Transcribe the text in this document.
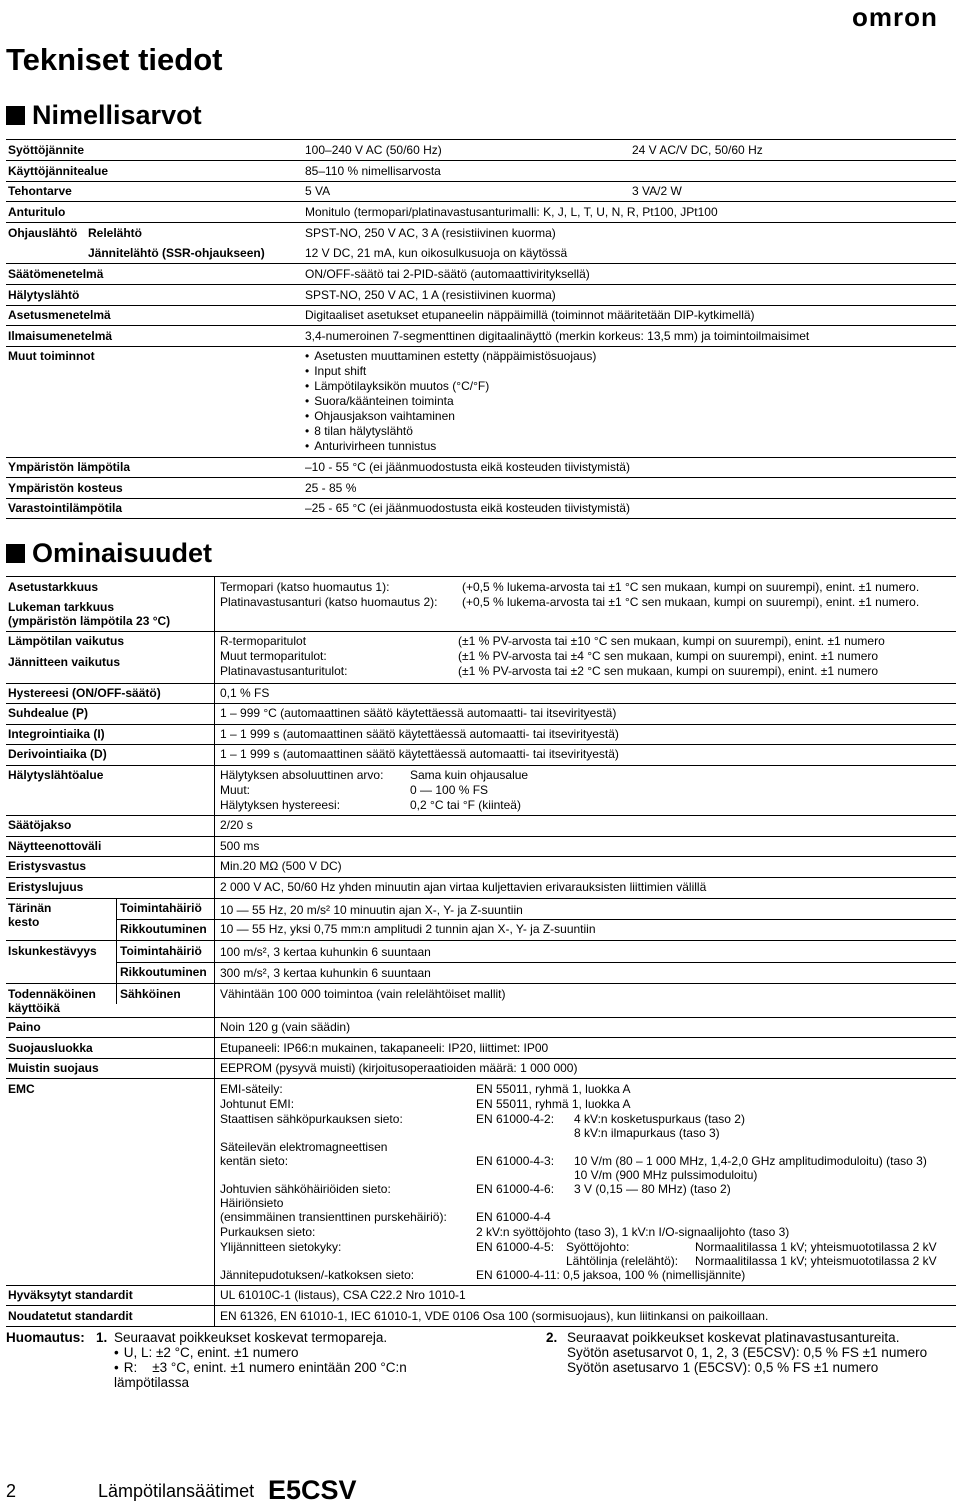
omron
Tekniset tiedot
Nimellisarvot
Syöttöjännite	100–240 V AC (50/60 Hz)	24 V AC/V DC, 50/60 Hz
Käyttöjännitealue	85–110 % nimellisarvosta
Tehontarve	5 VA	3 VA/2 W
Anturitulo	Monitulo (termopari/platinavastusanturimalli: K, J, L, T, U, N, R, Pt100, JPt100
Ohjauslähtö Relelähtö	SPST-NO, 250 V AC, 3 A (resistiivinen kuorma)
Jännitelähtö (SSR-ohjaukseen)	12 V DC, 21 mA, kun oikosulkusuoja on käytössä
Säätömenetelmä	ON/OFF-säätö tai 2-PID-säätö (automaattivirityksellä)
Hälytyslähtö	SPST-NO, 250 V AC, 1 A (resistiivinen kuorma)
Asetusmenetelmä	Digitaaliset asetukset etupaneelin näppäimillä (toiminnot määritetään DIP-kytkimellä)
Ilmaisumenetelmä	3,4-numeroinen 7-segmenttinen digitaalinäyttö (merkin korkeus: 13,5 mm) ja toimintoilmaisimet
Muut toiminnot
•	Asetusten muuttaminen estetty (näppäimistösuojaus)
• Input shift
• Lämpötilayksikön muutos (°C/°F)
• Suora/käänteinen toiminta
• Ohjausjakson vaihtaminen
• 8 tilan hälytyslähtö
• Anturivirheen tunnistus
Ympäristön lämpötila	–10 - 55 °C (ei jäänmuodostusta eikä kosteuden tiivistymistä)
Ympäristön kosteus	25 - 85 %
Varastointilämpötila	–25 - 65 °C (ei jäänmuodostusta eikä kosteuden tiivistymistä)
Ominaisuudet
Asetustarkkuus	Termopari (katso huomautus 1):	(+0,5 % lukema-arvosta tai ±1 °C sen mukaan, kumpi on suurempi), enint. ±1 numero.
Lukeman tarkkuus
(ympäristön lämpötila 23 °C)
Platinavastusanturi (katso huomautus 2): (+0,5 % lukema-arvosta tai ±1 °C sen mukaan, kumpi on suurempi), enint. ±1 numero.
Lämpötilan vaikutus	R-termoparitulot	(±1 % PV-arvosta tai ±10 °C sen mukaan, kumpi on suurempi), enint. ±1 numero
Jännitteen vaikutus	Muut termoparitulot:	(±1 % PV-arvosta tai ±4 °C sen mukaan, kumpi on suurempi), enint. ±1 numero
Platinavastusanturitulot:	(±1 % PV-arvosta tai ±2 °C sen mukaan, kumpi on suurempi), enint. ±1 numero
Hystereesi (ON/OFF-säätö)	0,1 % FS
Suhdealue (P)	1 – 999 °C (automaattinen säätö käytettäessä automaatti- tai itsevirityestä)
Integrointiaika (I)	1 – 1 999 s (automaattinen säätö käytettäessä automaatti- tai itsevirityestä)
Derivointiaika (D)	1 – 1 999 s (automaattinen säätö käytettäessä automaatti- tai itsevirityestä)
Hälytyslähtöalue	Hälytyksen absoluuttinen arvo: Sama kuin ohjausalue
Muut:	0 — 100 % FS
Hälytyksen hystereesi:	0,2 °C tai °F (kiinteä)
Säätöjakso	2/20 s
Näytteenottoväli	500 ms
Eristysvastus	Min.20 MΩ (500 V DC)
Eristyslujuus	2 000 V AC, 50/60 Hz yhden minuutin ajan virtaa kuljettavien erivarauksisten liittimien välillä
Tärinän
kesto
Toimintahäiriö 10 — 55 Hz, 20 m/s² 10 minuutin ajan X-, Y- ja Z-suuntiin
Rikkoutuminen 10 — 55 Hz, yksi 0,75 mm:n amplitudi 2 tunnin ajan X-, Y- ja Z-suuntiin
Iskunkestävyys Toimintahäiriö 100 m/s², 3 kertaa kuhunkin 6 suuntaan
Rikkoutuminen 300 m/s², 3 kertaa kuhunkin 6 suuntaan
Todennäköinen
käyttöikä
Sähköinen	Vähintään 100 000 toimintoa (vain relelähtöiset mallit)
Paino	Noin 120 g (vain säädin)
Suojausluokka	Etupaneeli: IP66:n mukainen, takapaneeli: IP20, liittimet: IP00
Muistin suojaus	EEPROM (pysyvä muisti) (kirjoitusoperaatioiden määrä: 1 000 000)
EMC	EMI-säteily:	EN 55011, ryhmä 1, luokka A
Johtunut EMI:	EN 55011, ryhmä 1, luokka A
Staattisen sähköpurkauksen sieto:	EN 61000-4-2: 4 kV:n kosketuspurkaus (taso 2)
8 kV:n ilmapurkaus (taso 3)
Säteilevän elektromagneettisen
kentän sieto:	EN 61000-4-3: 10 V/m (80 – 1 000 MHz, 1,4-2,0 GHz amplitudimoduloitu) (taso 3)
10 V/m (900 MHz pulssimoduloitu)
Johtuvien sähköhäiriöiden sieto:	EN 61000-4-6: 3 V (0,15 — 80 MHz) (taso 2)
Häiriönsieto
(ensimmäinen transienttinen purskehäiriö): EN 61000-4-4
Purkauksen sieto:	2 kV:n syöttöjohto (taso 3), 1 kV:n I/O-signaalijohto (taso 3)
Ylijännitteen sietokyky:	EN 61000-4-5: Syöttöjohto:	Normaalitilassa 1 kV; yhteismuototilassa 2 kV
Lähtölinja (relelähtö): Normaalitilassa 1 kV; yhteismuototilassa 2 kV
Jännitepudotuksen/-katkoksen sieto:	EN 61000-4-11: 0,5 jaksoa, 100 % (nimellisjännite)
Hyväksytyt standardit	UL 61010C-1 (listaus), CSA C22.2 Nro 1010-1
Noudatetut standardit	EN 61326, EN 61010-1, IEC 61010-1, VDE 0106 Osa 100 (sormisuojaus), kun liitinkansi on paikoillaan.
Huomautus: 1. Seuraavat poikkeukset koskevat termopareja.
• U, L: ±2 °C, enint. ±1 numero
• R:    ±3 °C, enint. ±1 numero enintään 200 °C:n
lämpötilassa
2. Seuraavat poikkeukset koskevat platinavastusantureita.
Syötön asetusarvot 0, 1, 2, 3 (E5CSV): 0,5 % FS ±1 numero
Syötön asetusarvo 1 (E5CSV): 0,5 % FS ±1 numero
2	Lämpötilansäätimet E5CSV
